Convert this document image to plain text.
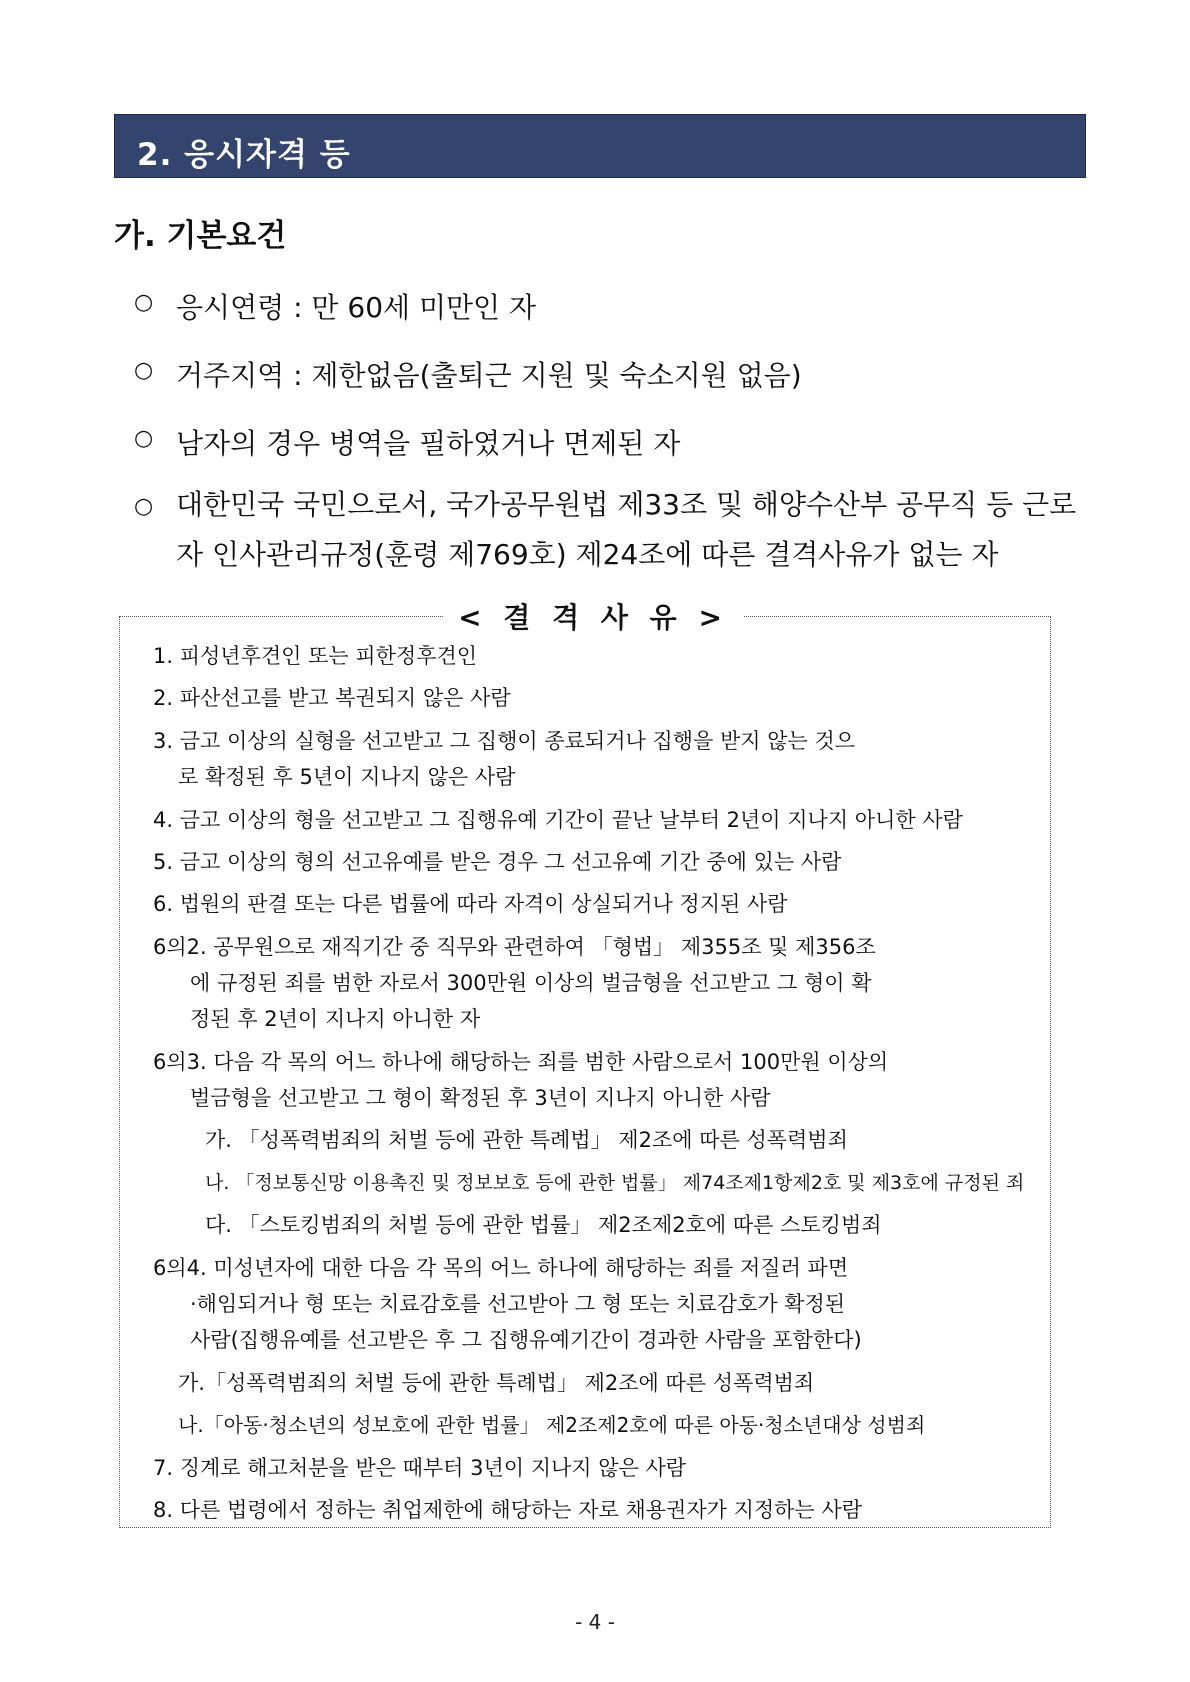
2. 응시자격 등
가. 기본요건
○ 응시연령 : 만 60세 미만인 자
○ 거주지역 : 제한없음(출퇴근 지원 및 숙소지원 없음)
○ 남자의 경우 병역을 필하였거나 면제된 자
○ 대한민국 국민으로서, 국가공무원법 제33조 및 해양수산부 공무직 등 근로자 인사관리규정(훈령 제769호) 제24조에 따른 결격사유가 없는 자
< 결 격 사 유 >
1. 피성년후견인 또는 피한정후견인
2. 파산선고를 받고 복권되지 않은 사람
3. 금고 이상의 실형을 선고받고 그 집행이 종료되거나 집행을 받지 않는 것으
로 확정된 후 5년이 지나지 않은 사람
4. 금고 이상의 형을 선고받고 그 집행유예 기간이 끝난 날부터 2년이 지나지 아니한 사람
5. 금고 이상의 형의 선고유예를 받은 경우 그 선고유예 기간 중에 있는 사람
6. 법원의 판결 또는 다른 법률에 따라 자격이 상실되거나 정지된 사람
6의2. 공무원으로 재직기간 중 직무와 관련하여 「형법」 제355조 및 제356조
에 규정된 죄를 범한 자로서 300만원 이상의 벌금형을 선고받고 그 형이 확
정된 후 2년이 지나지 아니한 자
6의3. 다음 각 목의 어느 하나에 해당하는 죄를 범한 사람으로서 100만원 이상의
벌금형을 선고받고 그 형이 확정된 후 3년이 지나지 아니한 사람
가. 「성폭력범죄의 처벌 등에 관한 특례법」 제2조에 따른 성폭력범죄
나. 「정보통신망 이용촉진 및 정보보호 등에 관한 법률」 제74조제1항제2호 및 제3호에 규정된 죄
다. 「스토킹범죄의 처벌 등에 관한 법률」 제2조제2호에 따른 스토킹범죄
6의4. 미성년자에 대한 다음 각 목의 어느 하나에 해당하는 죄를 저질러 파면
·해임되거나 형 또는 치료감호를 선고받아 그 형 또는 치료감호가 확정된
사람(집행유예를 선고받은 후 그 집행유예기간이 경과한 사람을 포함한다)
가.「성폭력범죄의 처벌 등에 관한 특례법」 제2조에 따른 성폭력범죄
나.「아동·청소년의 성보호에 관한 법률」 제2조제2호에 따른 아동·청소년대상 성범죄
7. 징계로 해고처분을 받은 때부터 3년이 지나지 않은 사람
8. 다른 법령에서 정하는 취업제한에 해당하는 자로 채용권자가 지정하는 사람
- 4 -
